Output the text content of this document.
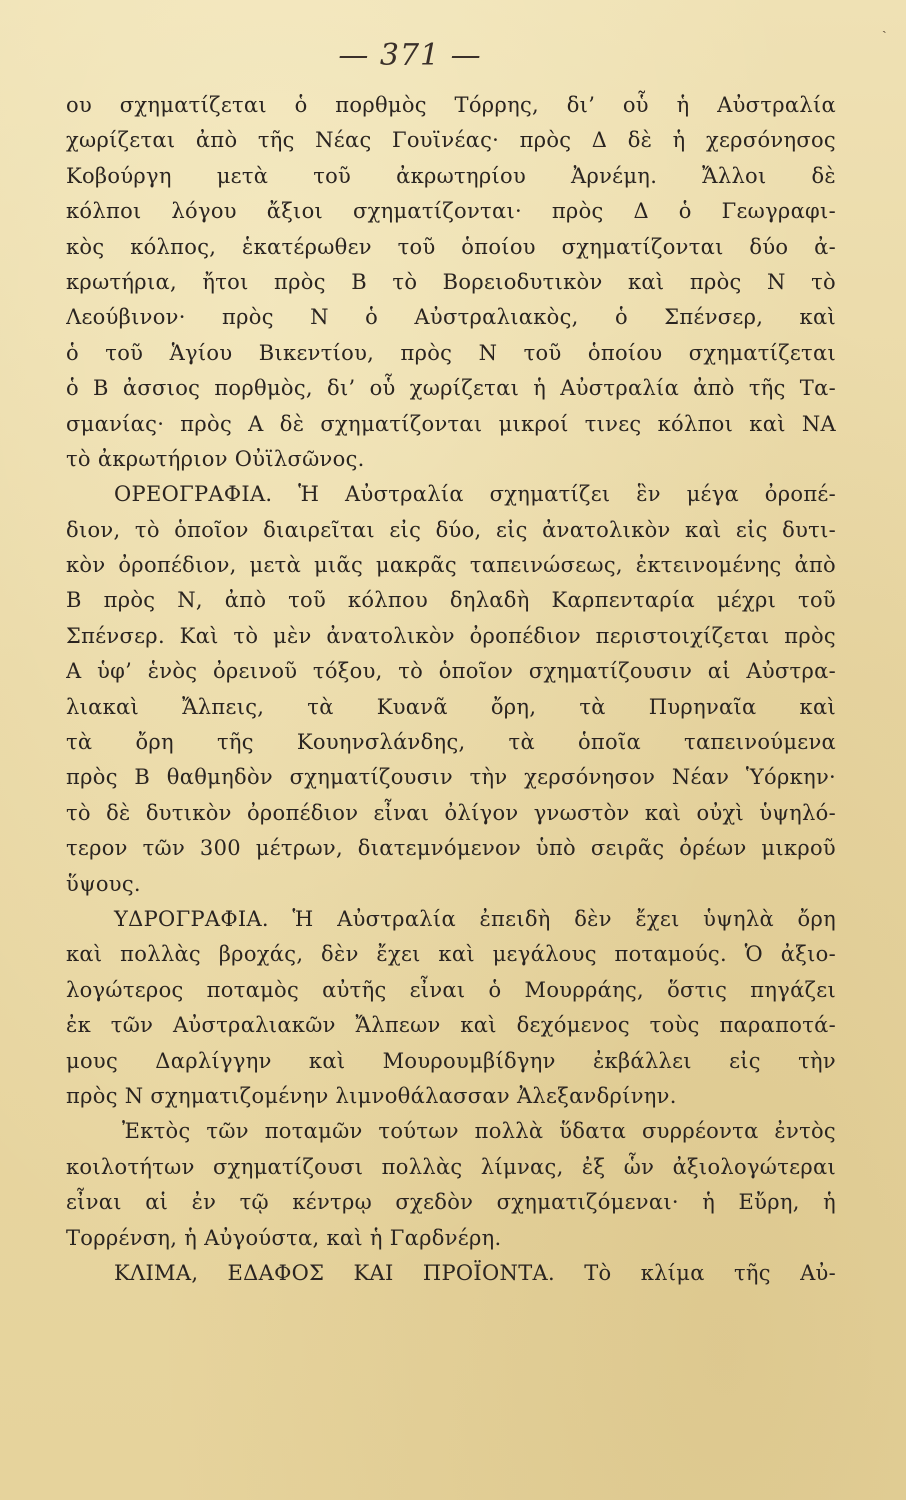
ˎ
— 371 —
ου σχηματίζεται ὁ πορθμὸς Τόρρης, δι’ οὗ ἡ Αὐστραλία
χωρίζεται ἀπὸ τῆς Νέας Γουϊνέας· πρὸς Δ δὲ ἡ χερσόνησος
Κοβούργη μετὰ τοῦ ἀκρωτηρίου Ἀρνέμη. Ἄλλοι δὲ
κόλποι λόγου ἄξιοι σχηματίζονται· πρὸς Δ ὁ Γεωγραφι-
κὸς κόλπος, ἑκατέρωθεν τοῦ ὁποίου σχηματίζονται δύο ἀ-
κρωτήρια, ἤτοι πρὸς Β τὸ Βορειοδυτικὸν καὶ πρὸς Ν τὸ
Λεούβινον· πρὸς Ν ὁ Αὐστραλιακὸς, ὁ Σπένσερ, καὶ
ὁ τοῦ Ἁγίου Βικεντίου, πρὸς Ν τοῦ ὁποίου σχηματίζεται
ὁ Β ἀσσιος πορθμὸς, δι’ οὗ χωρίζεται ἡ Αὐστραλία ἀπὸ τῆς Τα-
σμανίας· πρὸς Α δὲ σχηματίζονται μικροί τινες κόλποι καὶ ΝΑ
τὸ ἀκρωτήριον Οὐϊλσῶνος.
ΟΡΕΟΓΡΑΦΙΑ. Ἡ Αὐστραλία σχηματίζει ἓν μέγα ὀροπέ-
διον, τὸ ὁποῖον διαιρεῖται εἰς δύο, εἰς ἀνατολικὸν καὶ εἰς δυτι-
κὸν ὀροπέδιον, μετὰ μιᾶς μακρᾶς ταπεινώσεως, ἐκτεινομένης ἀπὸ
Β πρὸς Ν, ἀπὸ τοῦ κόλπου δηλαδὴ Καρπενταρία μέχρι τοῦ
Σπένσερ. Καὶ τὸ μὲν ἀνατολικὸν ὀροπέδιον περιστοιχίζεται πρὸς
Α ὑφ’ ἑνὸς ὀρεινοῦ τόξου, τὸ ὁποῖον σχηματίζουσιν αἱ Αὐστρα-
λιακαὶ Ἄλπεις, τὰ Κυανᾶ ὄρη, τὰ Πυρηναῖα καὶ
τὰ ὄρη τῆς Κουηνσλάνδης, τὰ ὁποῖα ταπεινούμενα
πρὸς Β θαθμηδὸν σχηματίζουσιν τὴν χερσόνησον Νέαν Ὑόρκην·
τὸ δὲ δυτικὸν ὀροπέδιον εἶναι ὀλίγον γνωστὸν καὶ οὐχὶ ὑψηλό-
τερον τῶν 300 μέτρων, διατεμνόμενον ὑπὸ σειρᾶς ὀρέων μικροῦ
ὕψους.
ΥΔΡΟΓΡΑΦΙΑ. Ἡ Αὐστραλία ἐπειδὴ δὲν ἔχει ὑψηλὰ ὄρη
καὶ πολλὰς βροχάς, δὲν ἔχει καὶ μεγάλους ποταμούς. Ὁ ἀξιο-
λογώτερος ποταμὸς αὐτῆς εἶναι ὁ Μουρράης, ὅστις πηγάζει
ἐκ τῶν Αὐστραλιακῶν Ἄλπεων καὶ δεχόμενος τοὺς παραποτά-
μους Δαρλίγγην καὶ Μουρουμβίδγην ἐκβάλλει εἰς τὴν
πρὸς Ν σχηματιζομένην λιμνοθάλασσαν Ἀλεξανδρίνην.
Ἐκτὸς τῶν ποταμῶν τούτων πολλὰ ὕδατα συρρέοντα ἐντὸς
κοιλοτήτων σχηματίζουσι πολλὰς λίμνας, ἐξ ὧν ἀξιολογώτεραι
εἶναι αἱ ἐν τῷ κέντρῳ σχεδὸν σχηματιζόμεναι· ἡ Εὔρη, ἡ
Τορρένση, ἡ Αὐγούστα, καὶ ἡ Γαρδνέρη.
ΚΛΙΜΑ, ΕΔΑΦΟΣ ΚΑΙ ΠΡΟΪΟΝΤΑ. Τὸ κλίμα τῆς Αὐ-
